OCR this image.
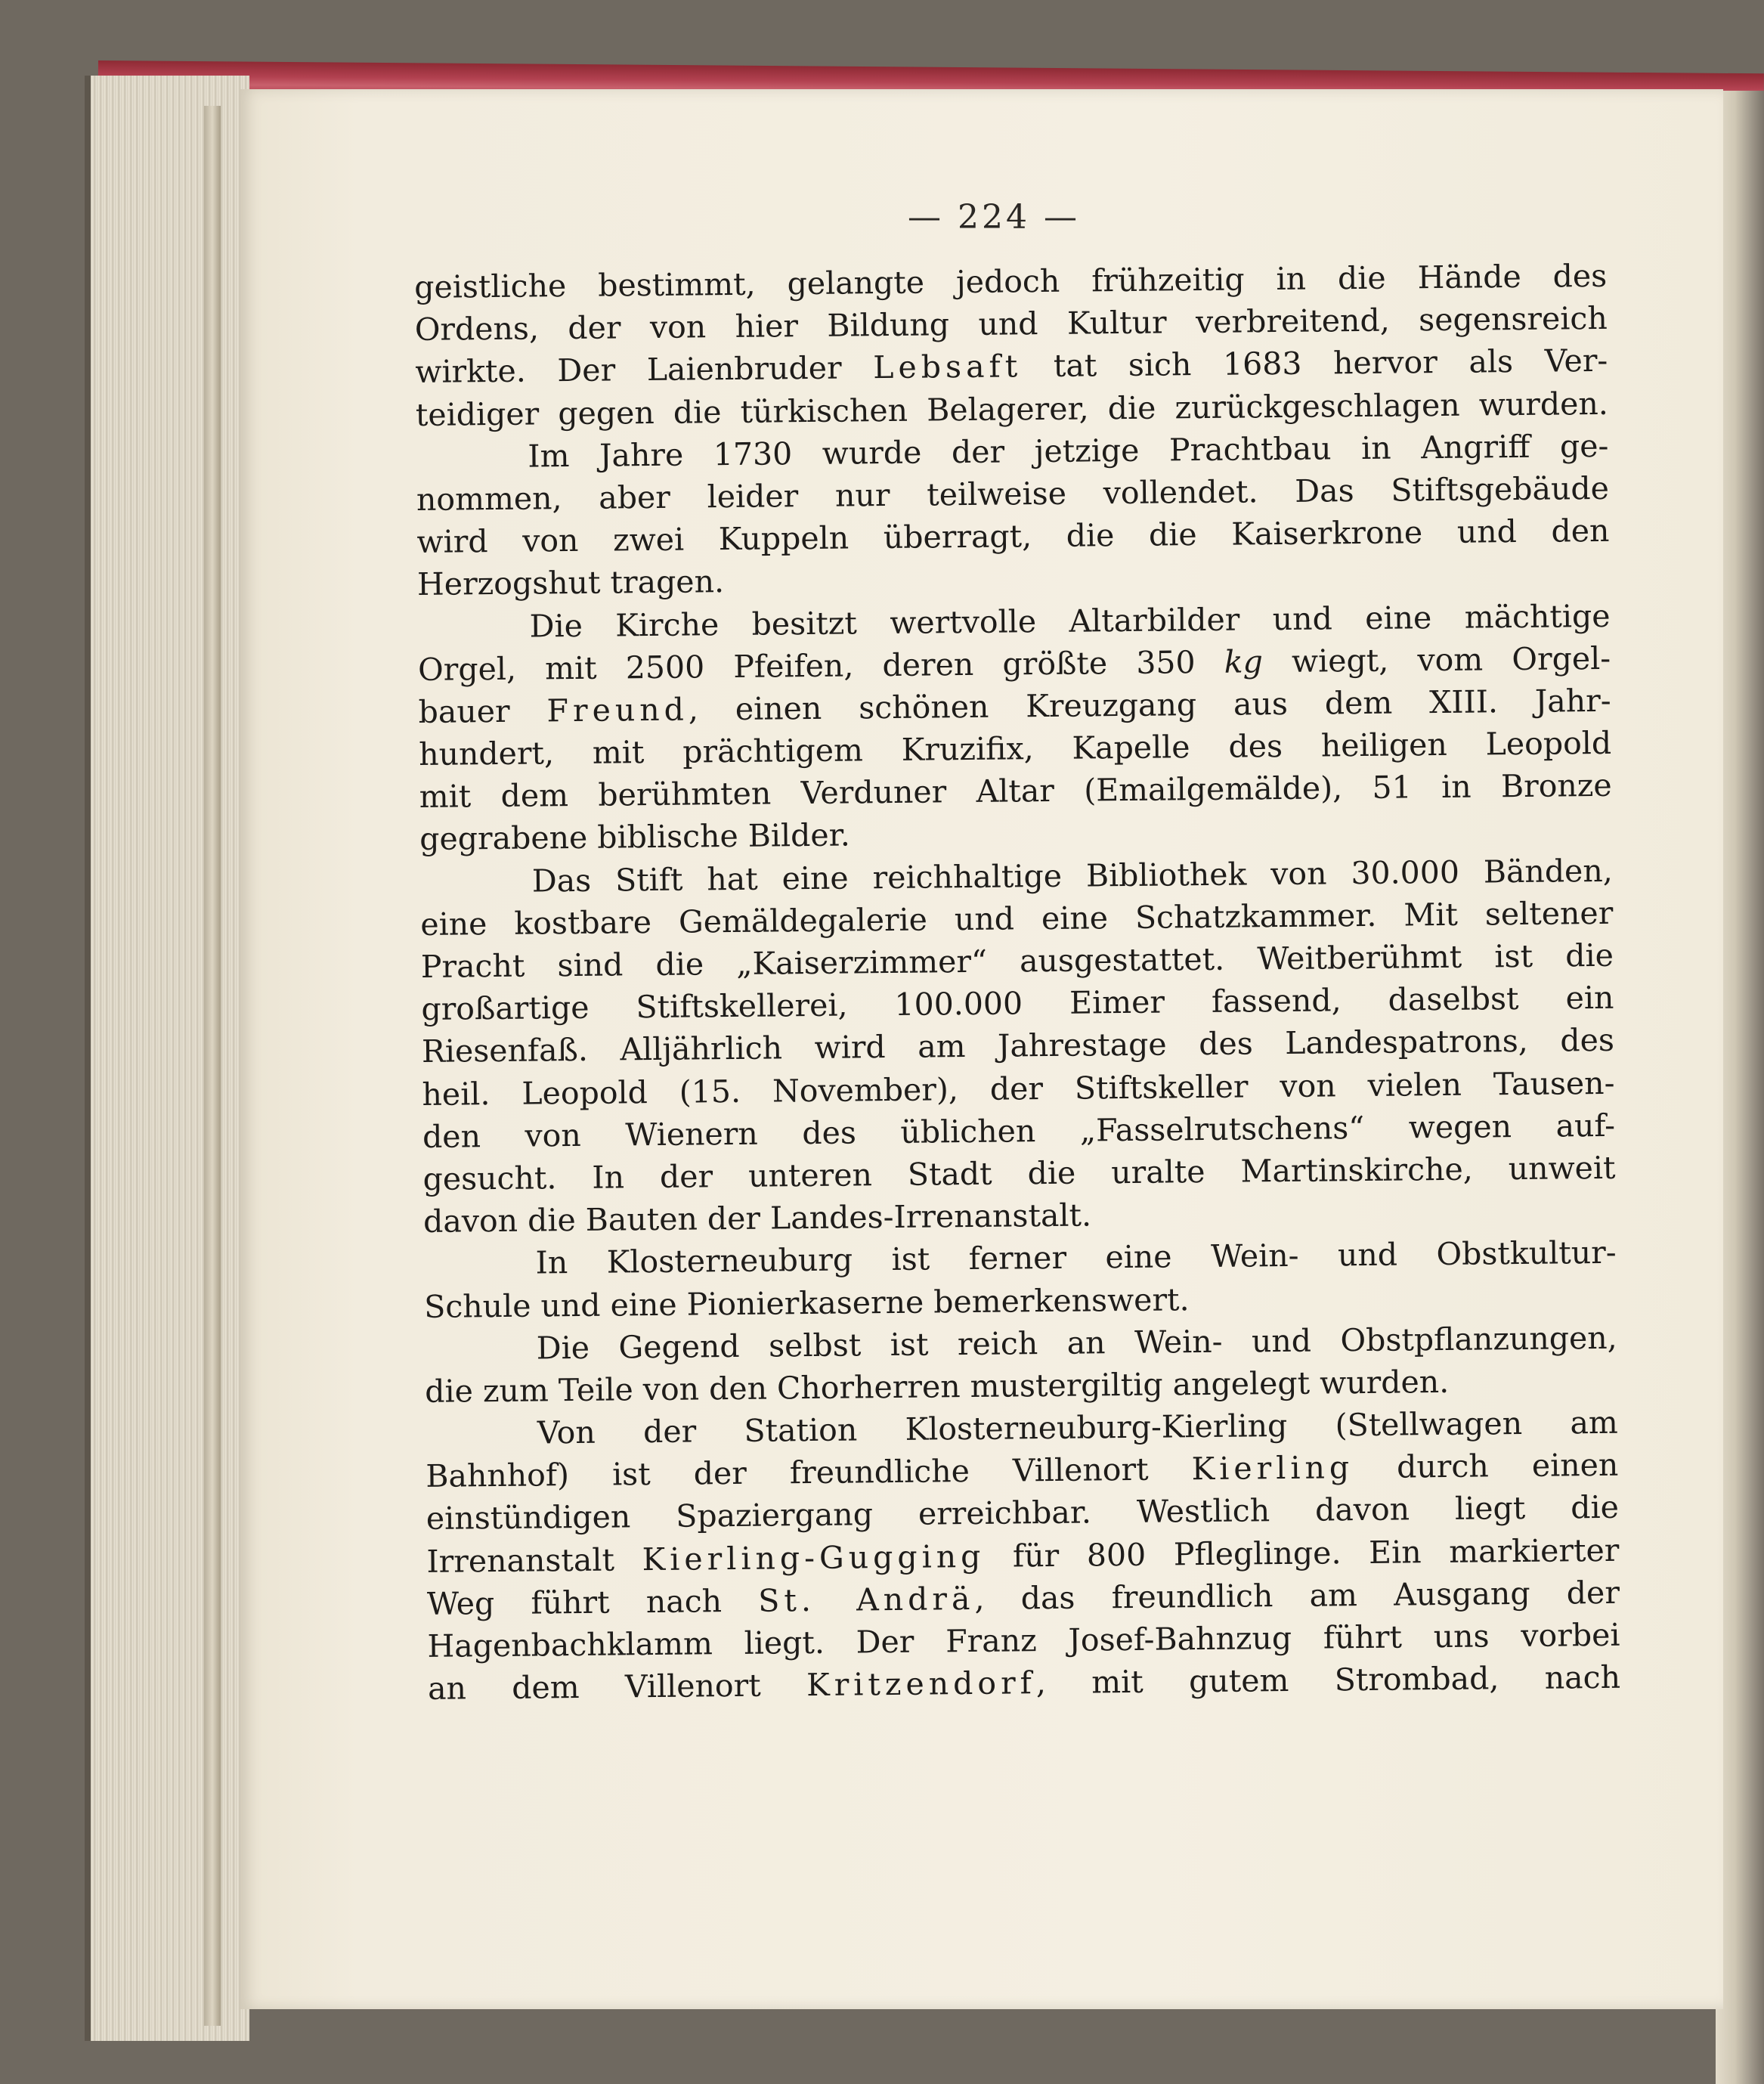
— 224 —
geistliche bestimmt, gelangte jedoch frühzeitig in die Hände des
Ordens, der von hier Bildung und Kultur verbreitend, segensreich
wirkte. Der Laienbruder Lebsaft tat sich 1683 hervor als Ver-
teidiger gegen die türkischen Belagerer, die zurückgeschlagen wurden.
Im Jahre 1730 wurde der jetzige Prachtbau in Angriff ge-
nommen, aber leider nur teilweise vollendet. Das Stiftsgebäude
wird von zwei Kuppeln überragt, die die Kaiserkrone und den
Herzogshut tragen.
Die Kirche besitzt wertvolle Altarbilder und eine mächtige
Orgel, mit 2500 Pfeifen, deren größte 350 kg wiegt, vom Orgel-
bauer Freund, einen schönen Kreuzgang aus dem XIII. Jahr-
hundert, mit prächtigem Kruzifix, Kapelle des heiligen Leopold
mit dem berühmten Verduner Altar (Emailgemälde), 51 in Bronze
gegrabene biblische Bilder.
Das Stift hat eine reichhaltige Bibliothek von 30.000 Bänden,
eine kostbare Gemäldegalerie und eine Schatzkammer. Mit seltener
Pracht sind die „Kaiserzimmer“ ausgestattet. Weitberühmt ist die
großartige Stiftskellerei, 100.000 Eimer fassend, daselbst ein
Riesenfaß. Alljährlich wird am Jahrestage des Landespatrons, des
heil. Leopold (15. November), der Stiftskeller von vielen Tausen-
den von Wienern des üblichen „Fasselrutschens“ wegen auf-
gesucht. In der unteren Stadt die uralte Martinskirche, unweit
davon die Bauten der Landes-Irrenanstalt.
In Klosterneuburg ist ferner eine Wein- und Obstkultur-
Schule und eine Pionierkaserne bemerkenswert.
Die Gegend selbst ist reich an Wein- und Obstpflanzungen,
die zum Teile von den Chorherren mustergiltig angelegt wurden.
Von der Station Klosterneuburg-Kierling (Stellwagen am
Bahnhof) ist der freundliche Villenort Kierling durch einen
einstündigen Spaziergang erreichbar. Westlich davon liegt die
Irrenanstalt Kierling-Gugging für 800 Pfleglinge. Ein markierter
Weg führt nach St. Andrä, das freundlich am Ausgang der
Hagenbachklamm liegt. Der Franz Josef-Bahnzug führt uns vorbei
an dem Villenort Kritzendorf, mit gutem Strombad, nach
